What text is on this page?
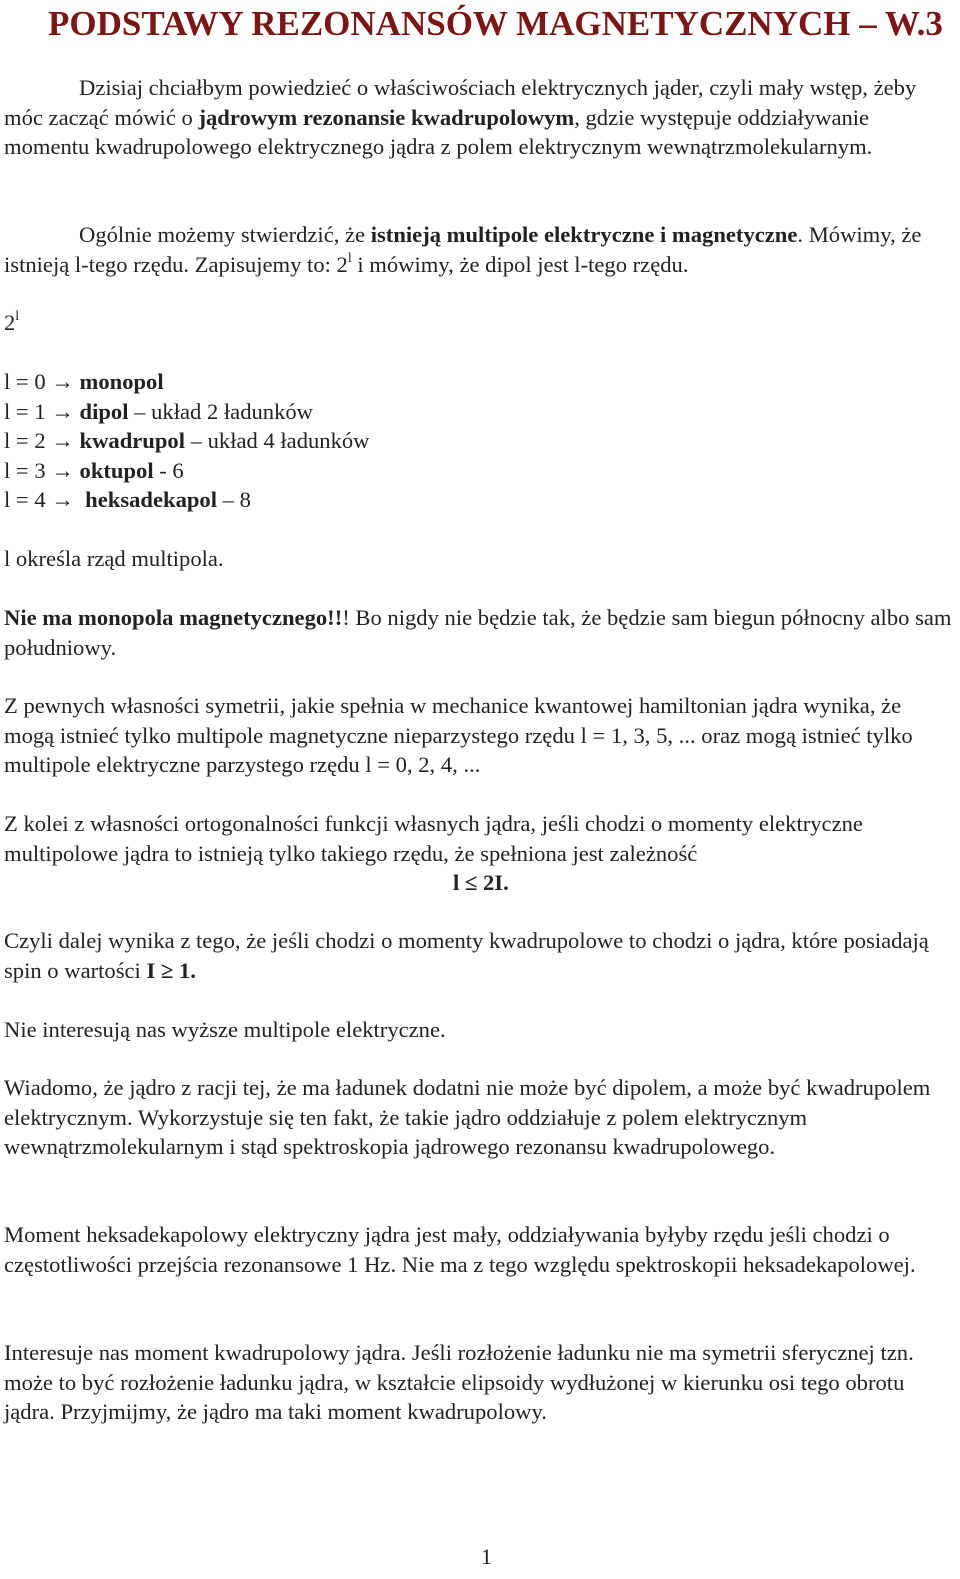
PODSTAWY REZONANSÓW MAGNETYCZNYCH – W.3

Dzisiaj chciałbym powiedzieć o właściwościach elektrycznych jąder, czyli mały wstęp, żeby móc zacząć mówić o jądrowym rezonansie kwadrupolowym, gdzie występuje oddziaływanie momentu kwadrupolowego elektrycznego jądra z polem elektrycznym wewnątrzmolekularnym.

Ogólnie możemy stwierdzić, że istnieją multipole elektryczne i magnetyczne. Mówimy, że istnieją l-tego rzędu. Zapisujemy to: 2$^l$ i mówimy, że dipol jest l-tego rzędu.

2$^l$

l = 0 → monopol
l = 1 → dipol – układ 2 ładunków
l = 2 → kwadrupol – układ 4 ładunków
l = 3 → oktupol - 6
l = 4 → heksadekapol – 8

l określa rząd multipola.

Nie ma monopola magnetycznego!!! Bo nigdy nie będzie tak, że będzie sam biegun północny albo sam południowy.

Z pewnych własności symetrii, jakie spełnia w mechanice kwantowej hamiltonian jądra wynika, że mogą istnieć tylko multipole magnetyczne nieparzystego rzędu l = 1, 3, 5, ... oraz mogą istnieć tylko multipole elektryczne parzystego rzędu l = 0, 2, 4, ...

Z kolei z własności ortogonalności funkcji własnych jądra, jeśli chodzi o momenty elektryczne multipolowe jądra to istnieją tylko takiego rzędu, że spełniona jest zależność
l ≤ 2I.

Czyli dalej wynika z tego, że jeśli chodzi o momenty kwadrupolowe to chodzi o jądra, które posiadają spin o wartości I ≥ 1.

Nie interesują nas wyższe multipole elektryczne.

Wiadomo, że jądro z racji tej, że ma ładunek dodatni nie może być dipolem, a może być kwadrupolem elektrycznym. Wykorzystuje się ten fakt, że takie jądro oddziałuje z polem elektrycznym wewnątrzmolekularnym i stąd spektroskopia jądrowego rezonansu kwadrupolowego.

Moment heksadekapolowy elektryczny jądra jest mały, oddziaływania byłyby rzędu jeśli chodzi o częstotliwości przejścia rezonansowe 1 Hz. Nie ma z tego względu spektroskopii heksadekapolowej.

Interesuje nas moment kwadrupolowy jądra. Jeśli rozłożenie ładunku nie ma symetrii sferycznej tzn. może to być rozłożenie ładunku jądra, w kształcie elipsoidy wydłużonej w kierunku osi tego obrotu jądra. Przyjmijmy, że jądro ma taki moment kwadrupolowy.

1
